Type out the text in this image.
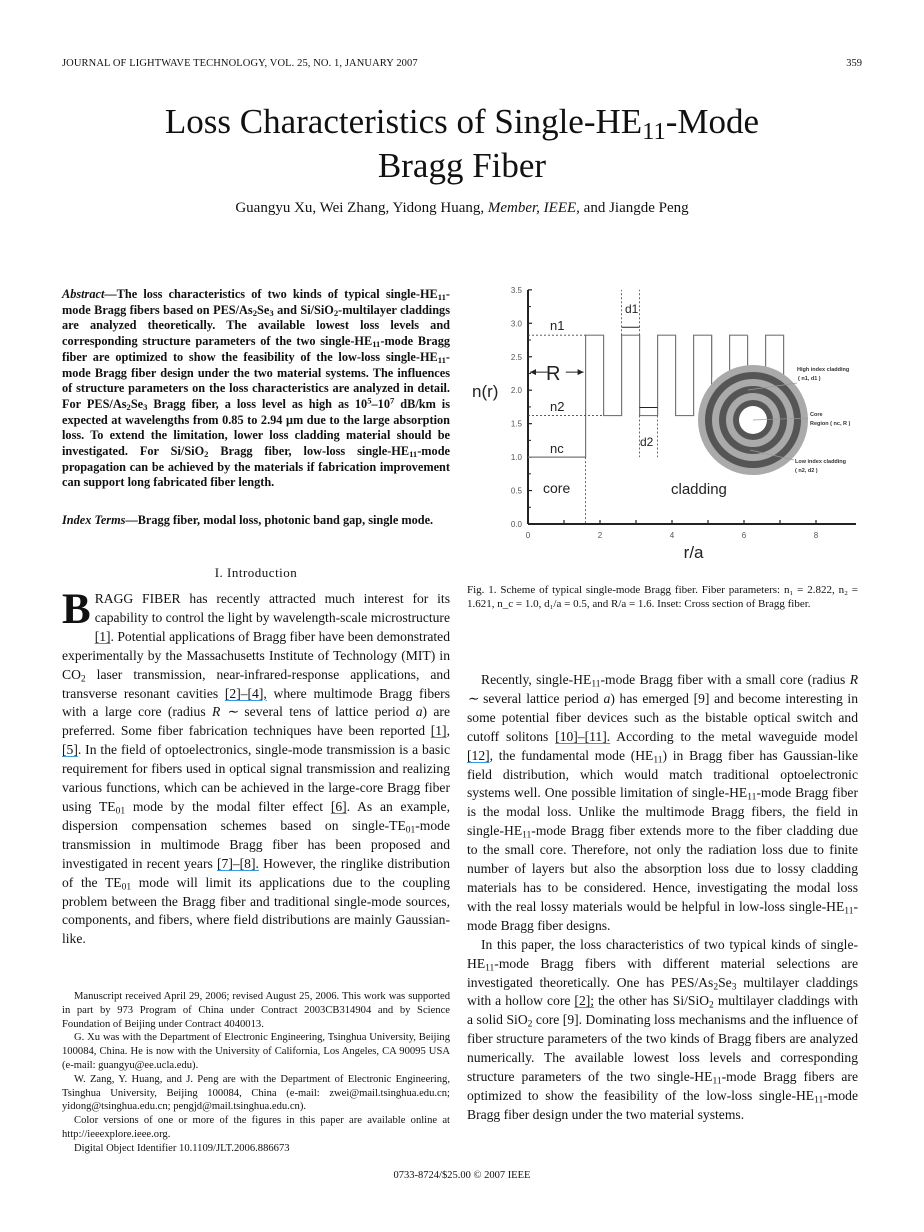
JOURNAL OF LIGHTWAVE TECHNOLOGY, VOL. 25, NO. 1, JANUARY 2007	359
Loss Characteristics of Single-$HE_{11}$-Mode
Bragg Fiber
Guangyu Xu, Wei Zhang, Yidong Huang, Member, IEEE, and Jiangde Peng
Abstract—The loss characteristics of two kinds of typical single-$HE_{11}$-mode Bragg fibers based on PES/$As_2Se_3$ and Si/SiO$_2$-multilayer claddings are analyzed theoretically. The available lowest loss levels and corresponding structure parameters of the two single-$HE_{11}$-mode Bragg fiber are optimized to show the feasibility of the low-loss single-$HE_{11}$-mode Bragg fiber design under the two material systems. The influences of structure parameters on the loss characteristics are analyzed in detail. For PES/$As_2Se_3$ Bragg fiber, a loss level as high as $10^5-10^7$ dB/km is expected at wavelengths from 0.85 to 2.94 μm due to the large absorption loss. To extend the limitation, lower loss cladding material should be investigated. For Si/SiO$_2$ Bragg fiber, low-loss single-$HE_{11}$-mode propagation can be achieved by the materials if fabrication improvement can support long fabricated fiber length.
Index Terms—Bragg fiber, modal loss, photonic band gap, single mode.
I. Introduction
BRAGG FIBER has recently attracted much interest for its capability to control the light by wavelength-scale microstructure [1]. Potential applications of Bragg fiber have been demonstrated experimentally by the Massachusetts Institute of Technology (MIT) in $CO_2$ laser transmission, near-infrared-response applications, and transverse resonant cavities [2]–[4], where multimode Bragg fibers with a large core (radius R ∼ several tens of lattice period a) are preferred. Some fiber fabrication techniques have been reported [1], [5]. In the field of optoelectronics, single-mode transmission is a basic requirement for fibers used in optical signal transmission and realizing various functions, which can be achieved in the large-core Bragg fiber using $TE_{01}$ mode by the modal filter effect [6]. As an example, dispersion compensation schemes based on single-$TE_{01}$-mode transmission in multimode Bragg fiber has been proposed and investigated in recent years [7]–[8]. However, the ringlike distribution of the $TE_{01}$ mode will limit its applications due to the coupling problem between the Bragg fiber and traditional single-mode sources, components, and fibers, where field distributions are mainly Gaussian-like.

Manuscript received April 29, 2006; revised August 25, 2006. This work was supported in part by 973 Program of China under Contract 2003CB314904 and by Science Foundation of Beijing under Contract 4040013.

G. Xu was with the Department of Electronic Engineering, Tsinghua University, Beijing 100084, China. He is now with the University of California, Los Angeles, CA 90095 USA (e-mail: guangyu@ee.ucla.edu).

W. Zang, Y. Huang, and J. Peng are with the Department of Electronic Engineering, Tsinghua University, Beijing 100084, China (e-mail: zwei@mail.tsinghua.edu.cn; yidong@tsinghua.edu.cn; pengjd@mail.tsinghua.edu.cn).

Color versions of one or more of the figures in this paper are available online at http://ieeexplore.ieee.org.

Digital Object Identifier 10.1109/JLT.2006.886673

0.0
0.5
1.0
1.5
2.0
2.5
3.0
3.5
0	2	4	6	8
r/a
n(r)
High index cladding
( n1, d1 )
Core
Region ( nc, R )
Low index cladding
( n2, d2 )
n1
n2
nc
R
d1
d2
core	cladding
Fig. 1. Scheme of typical single-mode Bragg fiber. Fiber parameters: n₁ = 2.822, n₂ = 1.621, n_c = 1.0, d₁/a = 0.5, and R/a = 1.6. Inset: Cross section of Bragg fiber.

Recently, single-$HE_{11}$-mode Bragg fiber with a small core (radius R ∼ several lattice period a) has emerged [9] and become interesting in some potential fiber devices such as the bistable optical switch and cutoff solitons [10]–[11]. According to the metal waveguide model [12], the fundamental mode $(HE_{11})$ in Bragg fiber has Gaussian-like field distribution, which would match traditional optoelectronic systems well. One possible limitation of single-$HE_{11}$-mode Bragg fiber is the modal loss. Unlike the multimode Bragg fibers, the field in single-$HE_{11}$-mode Bragg fiber extends more to the fiber cladding due to the small core. Therefore, not only the radiation loss due to finite number of layers but also the absorption loss due to lossy cladding materials has to be considered. Hence, investigating the modal loss with the real lossy materials would be helpful in low-loss single-$HE_{11}$-mode Bragg fiber designs.

In this paper, the loss characteristics of two typical kinds of single-$HE_{11}$-mode Bragg fibers with different material selections are investigated theoretically. One has PES/$As_2Se_3$ multilayer claddings with a hollow core [2]; the other has Si/SiO$_2$ multilayer claddings with a solid SiO$_2$ core [9]. Dominating loss mechanisms and the influence of fiber structure parameters of the two kinds of Bragg fibers are analyzed numerically. The available lowest loss levels and corresponding structure parameters of the two single-$HE_{11}$-mode Bragg fibers are optimized to show the feasibility of the low-loss single-$HE_{11}$-mode Bragg fiber design under the two material systems.

0733-8724/$25.00 © 2007 IEEE
